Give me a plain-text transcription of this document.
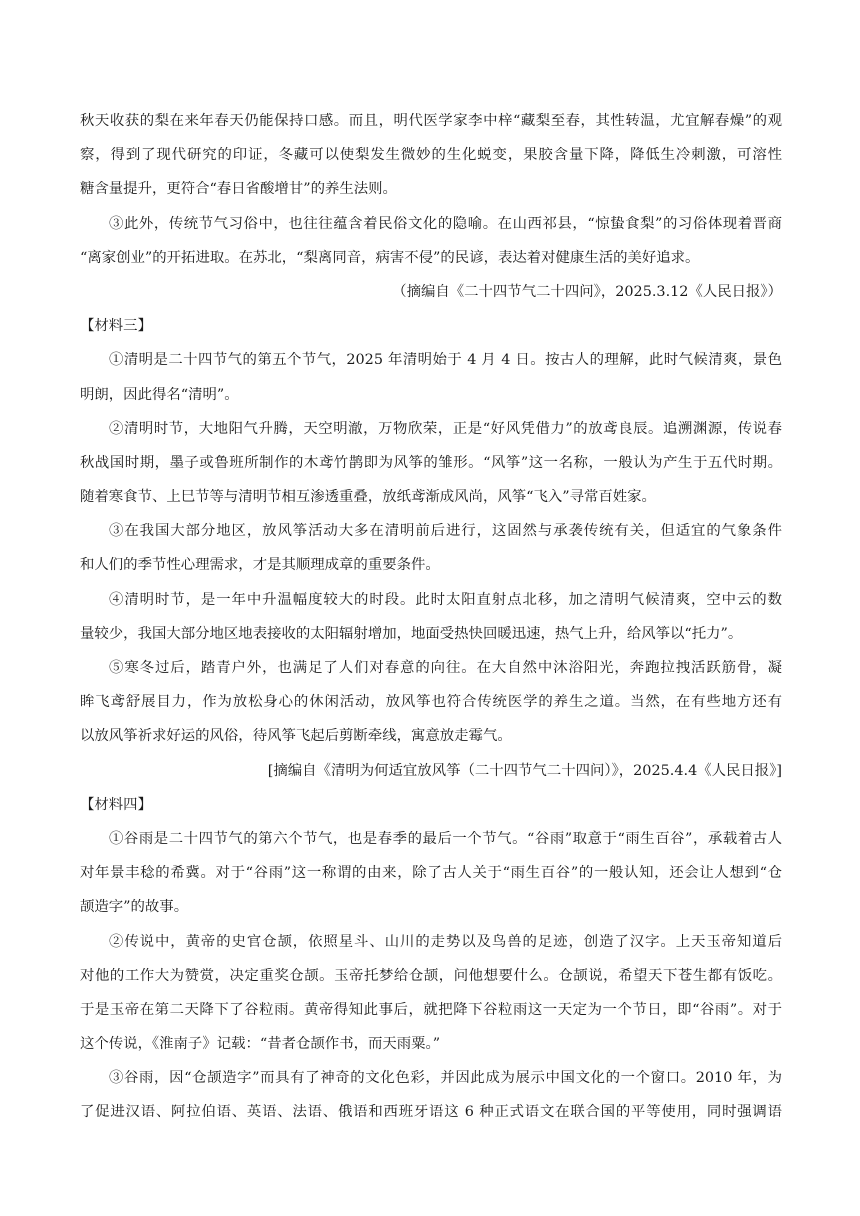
秋天收获的梨在来年春天仍能保持口感。而且，明代医学家李中梓“藏梨至春，其性转温，尤宜解春燥”的观
察，得到了现代研究的印证，冬藏可以使梨发生微妙的生化蜕变，果胶含量下降，降低生冷刺激，可溶性
糖含量提升，更符合“春日省酸增甘”的养生法则。
③此外，传统节气习俗中，也往往蕴含着民俗文化的隐喻。在山西祁县，“惊蛰食梨”的习俗体现着晋商
“离家创业”的开拓进取。在苏北，“梨离同音，病害不侵”的民谚，表达着对健康生活的美好追求。
（摘编自《二十四节气二十四问》，2025.3.12《人民日报》）
【材料三】
①清明是二十四节气的第五个节气，2025 年清明始于 4 月 4 日。按古人的理解，此时气候清爽，景色
明朗，因此得名“清明”。
②清明时节，大地阳气升腾，天空明澈，万物欣荣，正是“好风凭借力”的放鸢良辰。追溯渊源，传说春
秋战国时期，墨子或鲁班所制作的木鸢竹鹊即为风筝的雏形。“风筝”这一名称，一般认为产生于五代时期。
随着寒食节、上巳节等与清明节相互渗透重叠，放纸鸢渐成风尚，风筝“飞入”寻常百姓家。
③在我国大部分地区，放风筝活动大多在清明前后进行，这固然与承袭传统有关，但适宜的气象条件
和人们的季节性心理需求，才是其顺理成章的重要条件。
④清明时节，是一年中升温幅度较大的时段。此时太阳直射点北移，加之清明气候清爽，空中云的数
量较少，我国大部分地区地表接收的太阳辐射增加，地面受热快回暖迅速，热气上升，给风筝以“托力”。
⑤寒冬过后，踏青户外，也满足了人们对春意的向往。在大自然中沐浴阳光，奔跑拉拽活跃筋骨，凝
眸飞鸢舒展目力，作为放松身心的休闲活动，放风筝也符合传统医学的养生之道。当然，在有些地方还有
以放风筝祈求好运的风俗，待风筝飞起后剪断牵线，寓意放走霉气。
[摘编自《清明为何适宜放风筝（二十四节气二十四问）》，2025.4.4《人民日报》]
【材料四】
①谷雨是二十四节气的第六个节气，也是春季的最后一个节气。“谷雨”取意于“雨生百谷”，承载着古人
对年景丰稔的希冀。对于“谷雨”这一称谓的由来，除了古人关于“雨生百谷”的一般认知，还会让人想到“仓
颉造字”的故事。
②传说中，黄帝的史官仓颉，依照星斗、山川的走势以及鸟兽的足迹，创造了汉字。上天玉帝知道后
对他的工作大为赞赏，决定重奖仓颉。玉帝托梦给仓颉，问他想要什么。仓颉说，希望天下苍生都有饭吃。
于是玉帝在第二天降下了谷粒雨。黄帝得知此事后，就把降下谷粒雨这一天定为一个节日，即“谷雨”。对于
这个传说，《淮南子》记载：“昔者仓颉作书，而天雨粟。”
③谷雨，因“仓颉造字”而具有了神奇的文化色彩，并因此成为展示中国文化的一个窗口。2010 年，为
了促进汉语、阿拉伯语、英语、法语、俄语和西班牙语这 6 种正式语文在联合国的平等使用，同时强调语
